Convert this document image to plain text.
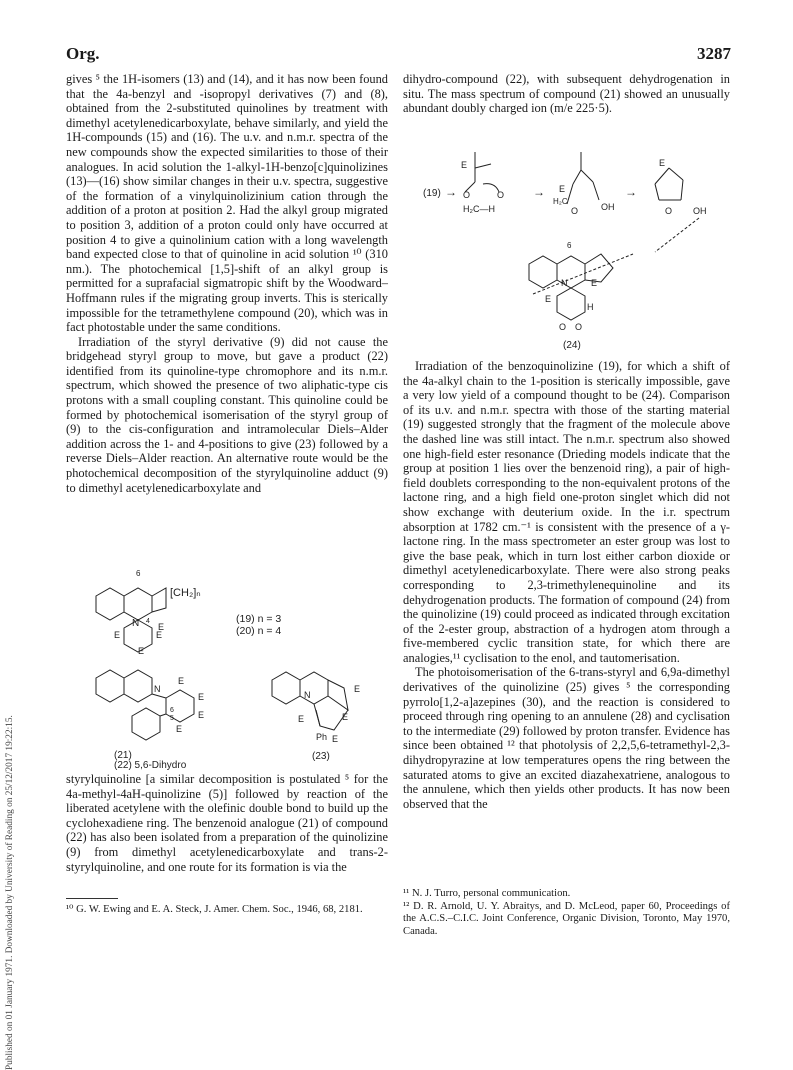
Org.	3287
Published on 01 January 1971. Downloaded by University of Reading on 25/12/2017 19:22:15.

gives ⁵ the 1H-isomers (13) and (14), and it has now been found that the 4a-benzyl and -isopropyl derivatives (7) and (8), obtained from the 2-substituted quinolines by treatment with dimethyl acetylenedicarboxylate, behave similarly, and yield the 1H-compounds (15) and (16). The u.v. and n.m.r. spectra of the new compounds show the expected similarities to those of their analogues. In acid solution the 1-alkyl-1H-benzo[c]quinolizines (13)—(16) show similar changes in their u.v. spectra, suggestive of the formation of a vinylquinolizinium cation through the addition of a proton at position 2. Had the alkyl group migrated to position 3, addition of a proton could only have occurred at position 4 to give a quinolinium cation with a long wavelength band expected close to that of quinoline in acid solution ¹⁰ (310 nm.). The photochemical [1,5]-shift of an alkyl group is permitted for a suprafacial sigmatropic shift by the Woodward–Hoffmann rules if the migrating group inverts. This is sterically impossible for the tetramethylene compound (20), which was in fact photostable under the same conditions.

Irradiation of the styryl derivative (9) did not cause the bridgehead styryl group to move, but gave a product (22) identified from its quinoline-type chromophore and its n.m.r. spectrum, which showed the presence of two aliphatic-type cis protons with a small coupling constant. This quinoline could be formed by photochemical isomerisation of the styryl group of (9) to the cis-configuration and intramolecular Diels–Alder addition across the 1- and 4-positions to give (23) followed by a reverse Diels–Alder reaction. An alternative route would be the photochemical decomposition of the styrylquinoline adduct (9) to dimethyl acetylenedicarboxylate and

6
[CH₂]ₙ
N 4
E
E	E
E
(19) n = 3
(20) n = 4
N
6
5
E
E
E
E
(21)
(22) 5,6-Dihydro
N
E
E
E
Ph E
(23)

styrylquinoline [a similar decomposition is postulated ⁵ for the 4a-methyl-4aH-quinolizine (5)] followed by reaction of the liberated acetylene with the olefinic double bond to build up the cyclohexadiene ring. The benzenoid analogue (21) of compound (22) has also been isolated from a preparation of the quinolizine (9) from dimethyl acetylenedicarboxylate and trans-2-styrylquinoline, and one route for its formation is via the

¹⁰ G. W. Ewing and E. A. Steck, J. Amer. Chem. Soc., 1946, 68, 2181.

dihydro-compound (22), with subsequent dehydrogenation in situ. The mass spectrum of compound (21) showed an unusually abundant doubly charged ion (m/e 225·5).

(19) →
E
O	O
H₂C—H
→ E
H₂C
O	OH
→
E
O OH
6
N	E
E
H
O O
(24)

Irradiation of the benzoquinolizine (19), for which a shift of the 4a-alkyl chain to the 1-position is sterically impossible, gave a very low yield of a compound thought to be (24). Comparison of its u.v. and n.m.r. spectra with those of the starting material (19) suggested strongly that the fragment of the molecule above the dashed line was still intact. The n.m.r. spectrum also showed one high-field ester resonance (Drieding models indicate that the group at position 1 lies over the benzenoid ring), a pair of high-field doublets corresponding to the non-equivalent protons of the lactone ring, and a high field one-proton singlet which did not show exchange with deuterium oxide. In the i.r. spectrum absorption at 1782 cm.⁻¹ is consistent with the presence of a γ-lactone ring. In the mass spectrometer an ester group was lost to give the base peak, which in turn lost either carbon dioxide or dimethyl acetylenedicarboxylate. There were also strong peaks corresponding to 2,3-trimethylenequinoline and its dehydrogenation products. The formation of compound (24) from the quinolizine (19) could proceed as indicated through excitation of the 2-ester group, abstraction of a hydrogen atom through a five-membered cyclic transition state, for which there are analogies,¹¹ cyclisation to the enol, and tautomerisation.

The photoisomerisation of the 6-trans-styryl and 6,9a-dimethyl derivatives of the quinolizine (25) gives ⁵ the corresponding pyrrolo[1,2-a]azepines (30), and the reaction is considered to proceed through ring opening to an annulene (28) and cyclisation to the intermediate (29) followed by proton transfer. Evidence has since been obtained ¹² that photolysis of 2,2,5,6-tetramethyl-2,3-dihydropyrazine at low temperatures opens the ring between the saturated atoms to give an excited diazahexatriene, analogous to the annulene, which then yields other products. It has now been observed that the

¹¹ N. J. Turro, personal communication.

¹² D. R. Arnold, U. Y. Abraitys, and D. McLeod, paper 60, Proceedings of the A.C.S.–C.I.C. Joint Conference, Organic Division, Toronto, May 1970, Canada.
